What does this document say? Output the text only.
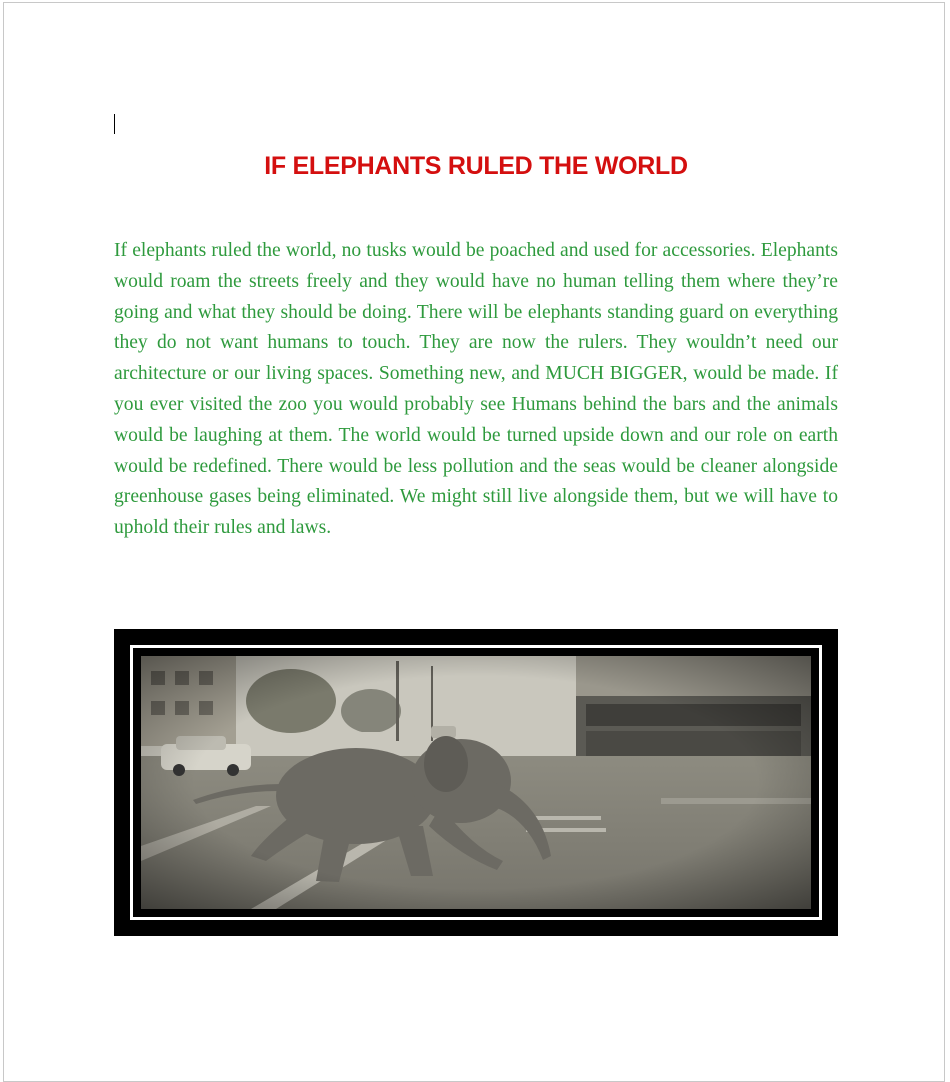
IF ELEPHANTS RULED THE WORLD

If elephants ruled the world, no tusks would be poached and used for accessories. Elephants would roam the streets freely and they would have no human telling them where they’re going and what they should be doing. There will be elephants standing guard on everything they do not want humans to touch. They are now the rulers. They wouldn’t need our architecture or our living spaces. Something new, and MUCH BIGGER, would be made. If you ever visited the zoo you would probably see Humans behind the bars and the animals would be laughing at them. The world would be turned upside down and our role on earth would be redefined. There would be less pollution and the seas would be cleaner alongside greenhouse gases being eliminated. We might still live alongside them, but we will have to uphold their rules and laws.
